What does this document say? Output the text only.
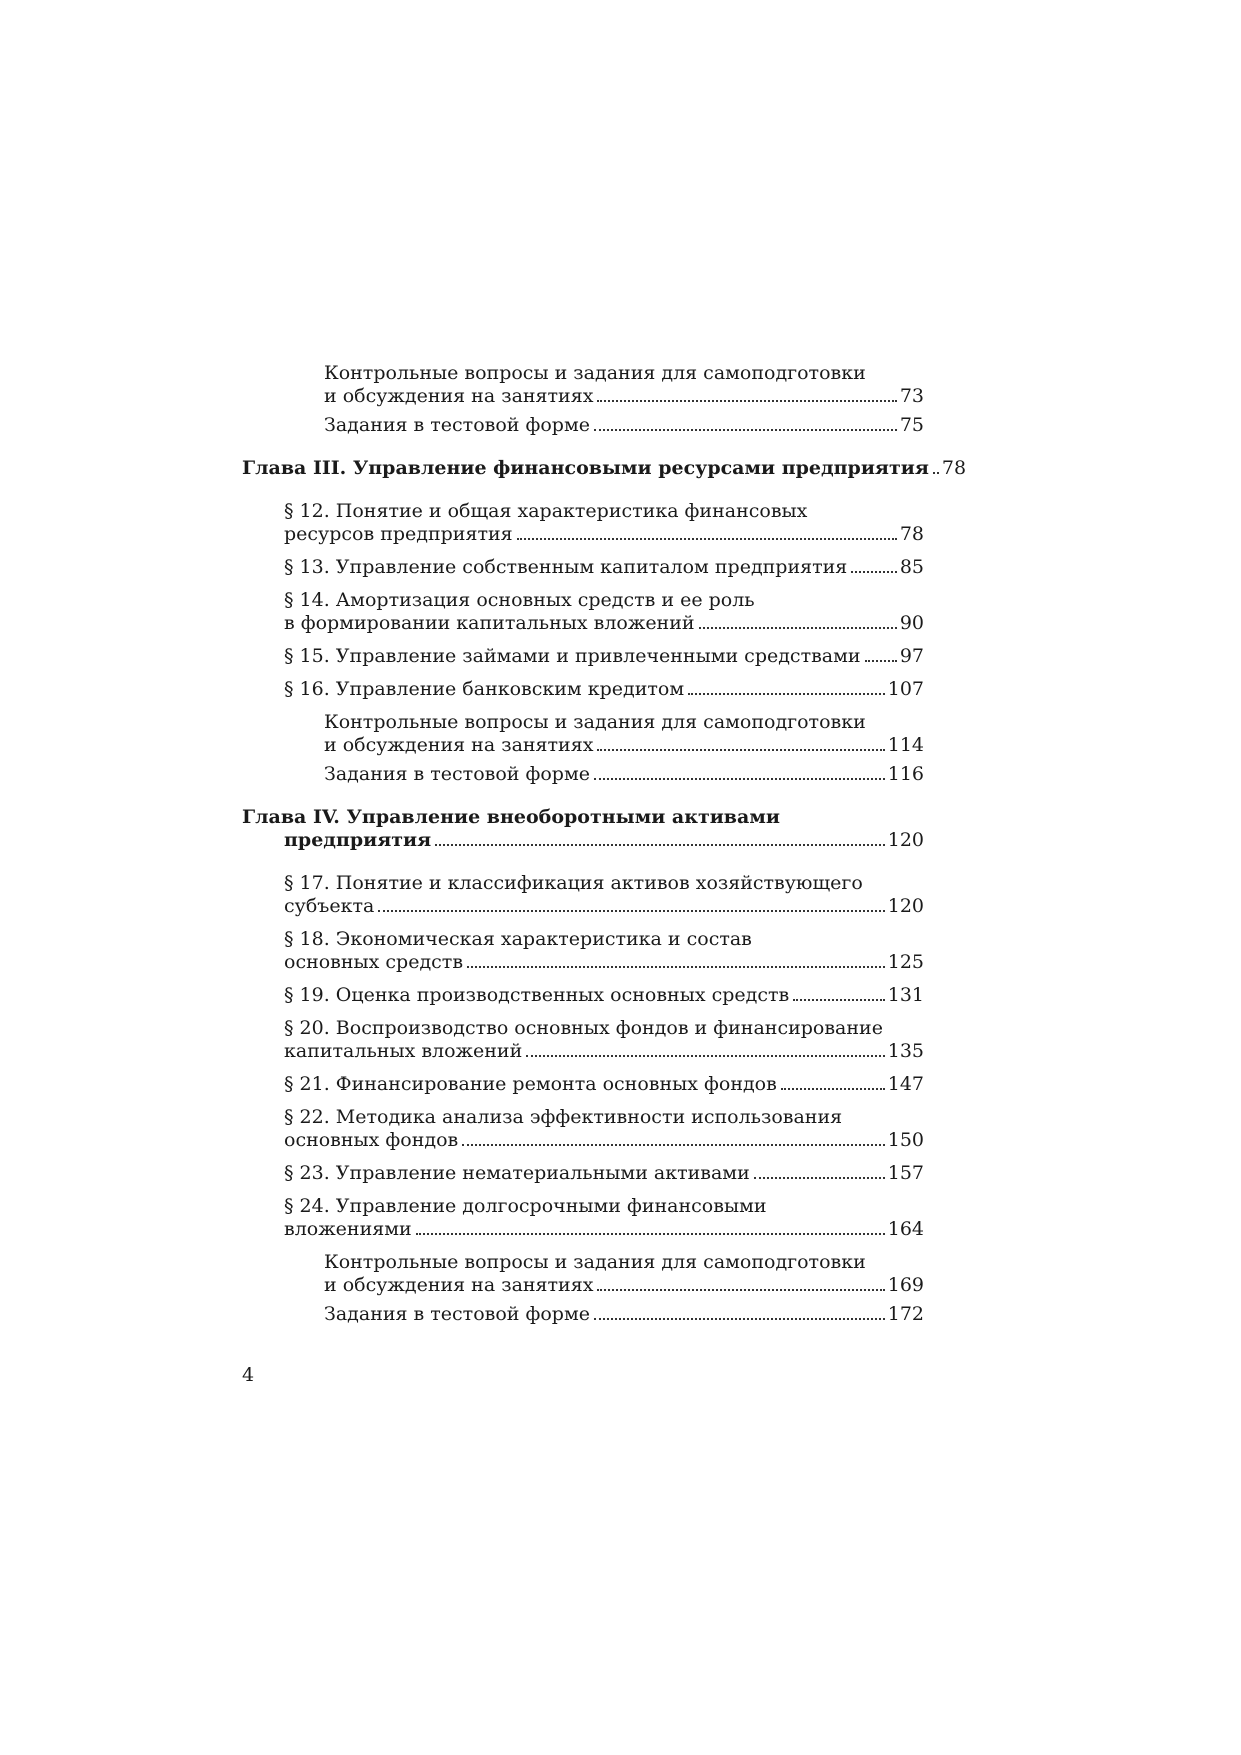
Контрольные вопросы и задания для самоподготовки
и обсуждения на занятиях	73
Задания в тестовой форме	75
Глава III. Управление финансовыми ресурсами предприятия 78
§ 12. Понятие и общая характеристика финансовых
ресурсов предприятия	78
§ 13. Управление собственным капиталом предприятия	85
§ 14. Амортизация основных средств и ее роль
в формировании капитальных вложений	90
§ 15. Управление займами и привлеченными средствами 97
§ 16. Управление банковским кредитом	107
Контрольные вопросы и задания для самоподготовки
и обсуждения на занятиях	114
Задания в тестовой форме	116
Глава IV. Управление внеоборотными активами
предприятия	120
§ 17. Понятие и классификация активов хозяйствующего
субъекта	120
§ 18. Экономическая характеристика и состав
основных средств	125
§ 19. Оценка производственных основных средств	131
§ 20. Воспроизводство основных фондов и финансирование
капитальных вложений	135
§ 21. Финансирование ремонта основных фондов	147
§ 22. Методика анализа эффективности использования
основных фондов	150
§ 23. Управление нематериальными активами	157
§ 24. Управление долгосрочными финансовыми
вложениями	164
Контрольные вопросы и задания для самоподготовки
и обсуждения на занятиях	169
Задания в тестовой форме	172
4
